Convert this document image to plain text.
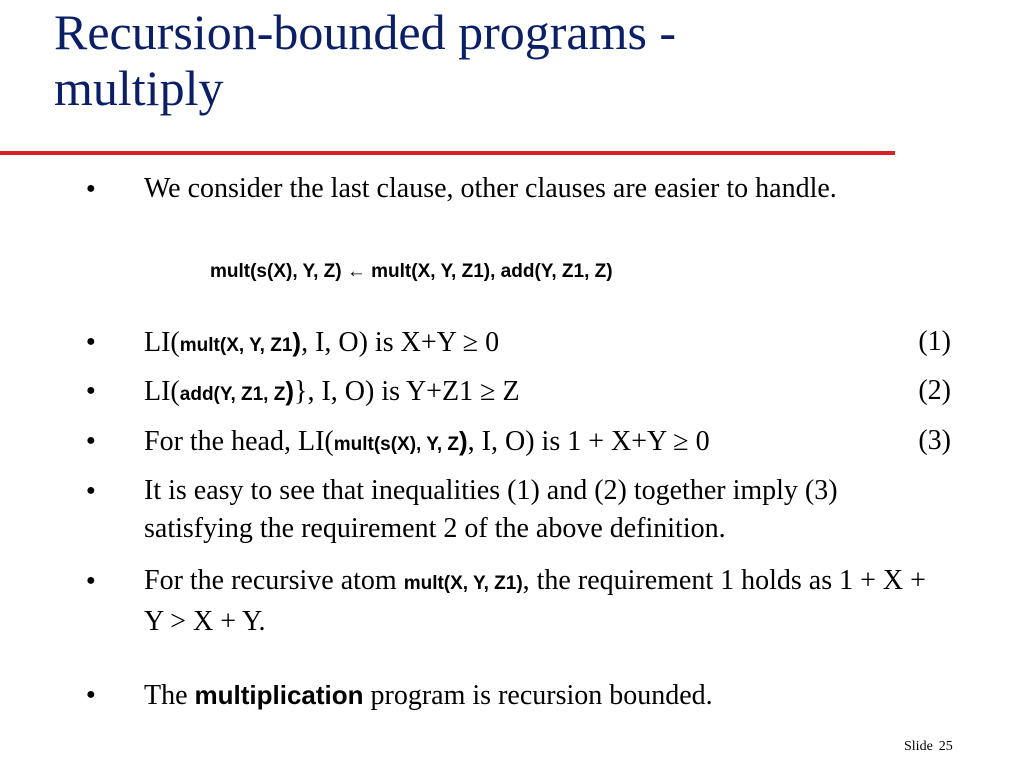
Recursion-bounded programs -
multiply
● We consider the last clause, other clauses are easier to handle.
mult(s(X), Y, Z) ← mult(X, Y, Z1), add(Y, Z1, Z)
● LI(mult(X, Y, Z1), I, O) is X+Y ≥ 0	(1)
● LI(add(Y, Z1, Z)}, I, O) is Y+Z1 ≥ Z	(2)
● For the head, LI(mult(s(X), Y, Z), I, O) is 1 + X+Y ≥ 0	(3)
● It is easy to see that inequalities (1) and (2) together imply (3) satisfying the requirement 2 of the above definition.
● For the recursive atom mult(X, Y, Z1), the requirement 1 holds as 1 + X + Y > X + Y.
● The multiplication program is recursion bounded.
Slide 25
